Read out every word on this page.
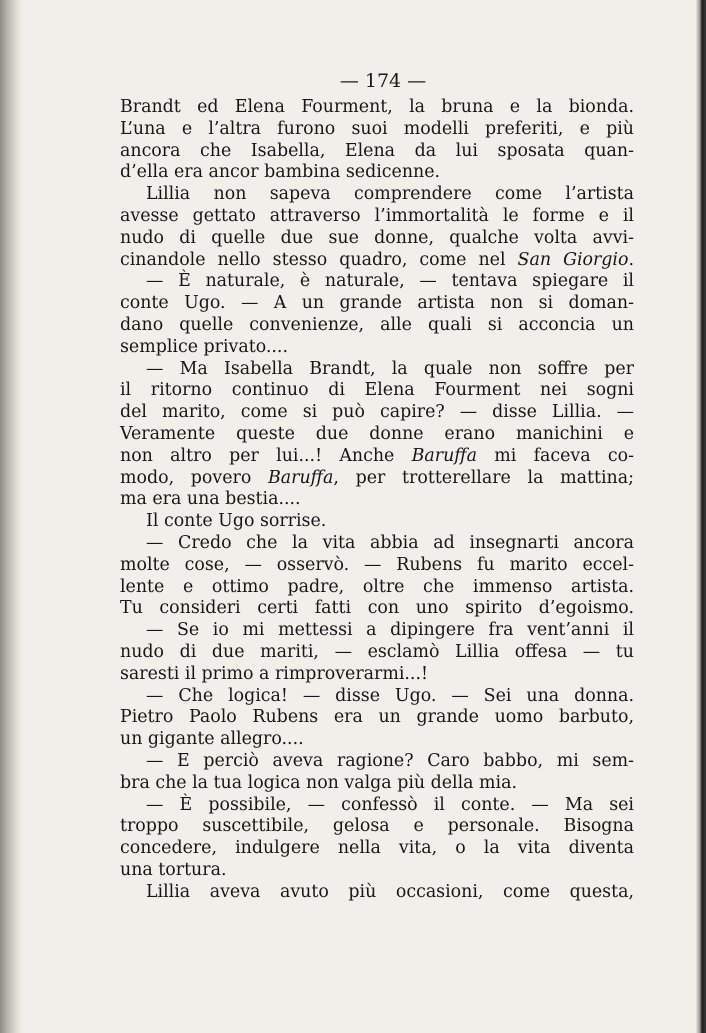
— 174 —
Brandt ed Elena Fourment, la bruna e la bionda.
L’una e l’altra furono suoi modelli preferiti, e più
ancora che Isabella, Elena da lui sposata quan-
d’ella era ancor bambina sedicenne.
Lillia non sapeva comprendere come l’artista
avesse gettato attraverso l’immortalità le forme e il
nudo di quelle due sue donne, qualche volta avvi-
cinandole nello stesso quadro, come nel San Giorgio.
— È naturale, è naturale, — tentava spiegare il
conte Ugo. — A un grande artista non si doman-
dano quelle convenienze, alle quali si acconcia un
semplice privato....
— Ma Isabella Brandt, la quale non soffre per
il ritorno continuo di Elena Fourment nei sogni
del marito, come si può capire? — disse Lillia. —
Veramente queste due donne erano manichini e
non altro per lui...! Anche Baruffa mi faceva co-
modo, povero Baruffa, per trotterellare la mattina;
ma era una bestia....
Il conte Ugo sorrise.
— Credo che la vita abbia ad insegnarti ancora
molte cose, — osservò. — Rubens fu marito eccel-
lente e ottimo padre, oltre che immenso artista.
Tu consideri certi fatti con uno spirito d’egoismo.
— Se io mi mettessi a dipingere fra vent’anni il
nudo di due mariti, — esclamò Lillia offesa — tu
saresti il primo a rimproverarmi...!
— Che logica! — disse Ugo. — Sei una donna.
Pietro Paolo Rubens era un grande uomo barbuto,
un gigante allegro....
— E perciò aveva ragione? Caro babbo, mi sem-
bra che la tua logica non valga più della mia.
— È possibile, — confessò il conte. — Ma sei
troppo suscettibile, gelosa e personale. Bisogna
concedere, indulgere nella vita, o la vita diventa
una tortura.
Lillia aveva avuto più occasioni, come questa,
